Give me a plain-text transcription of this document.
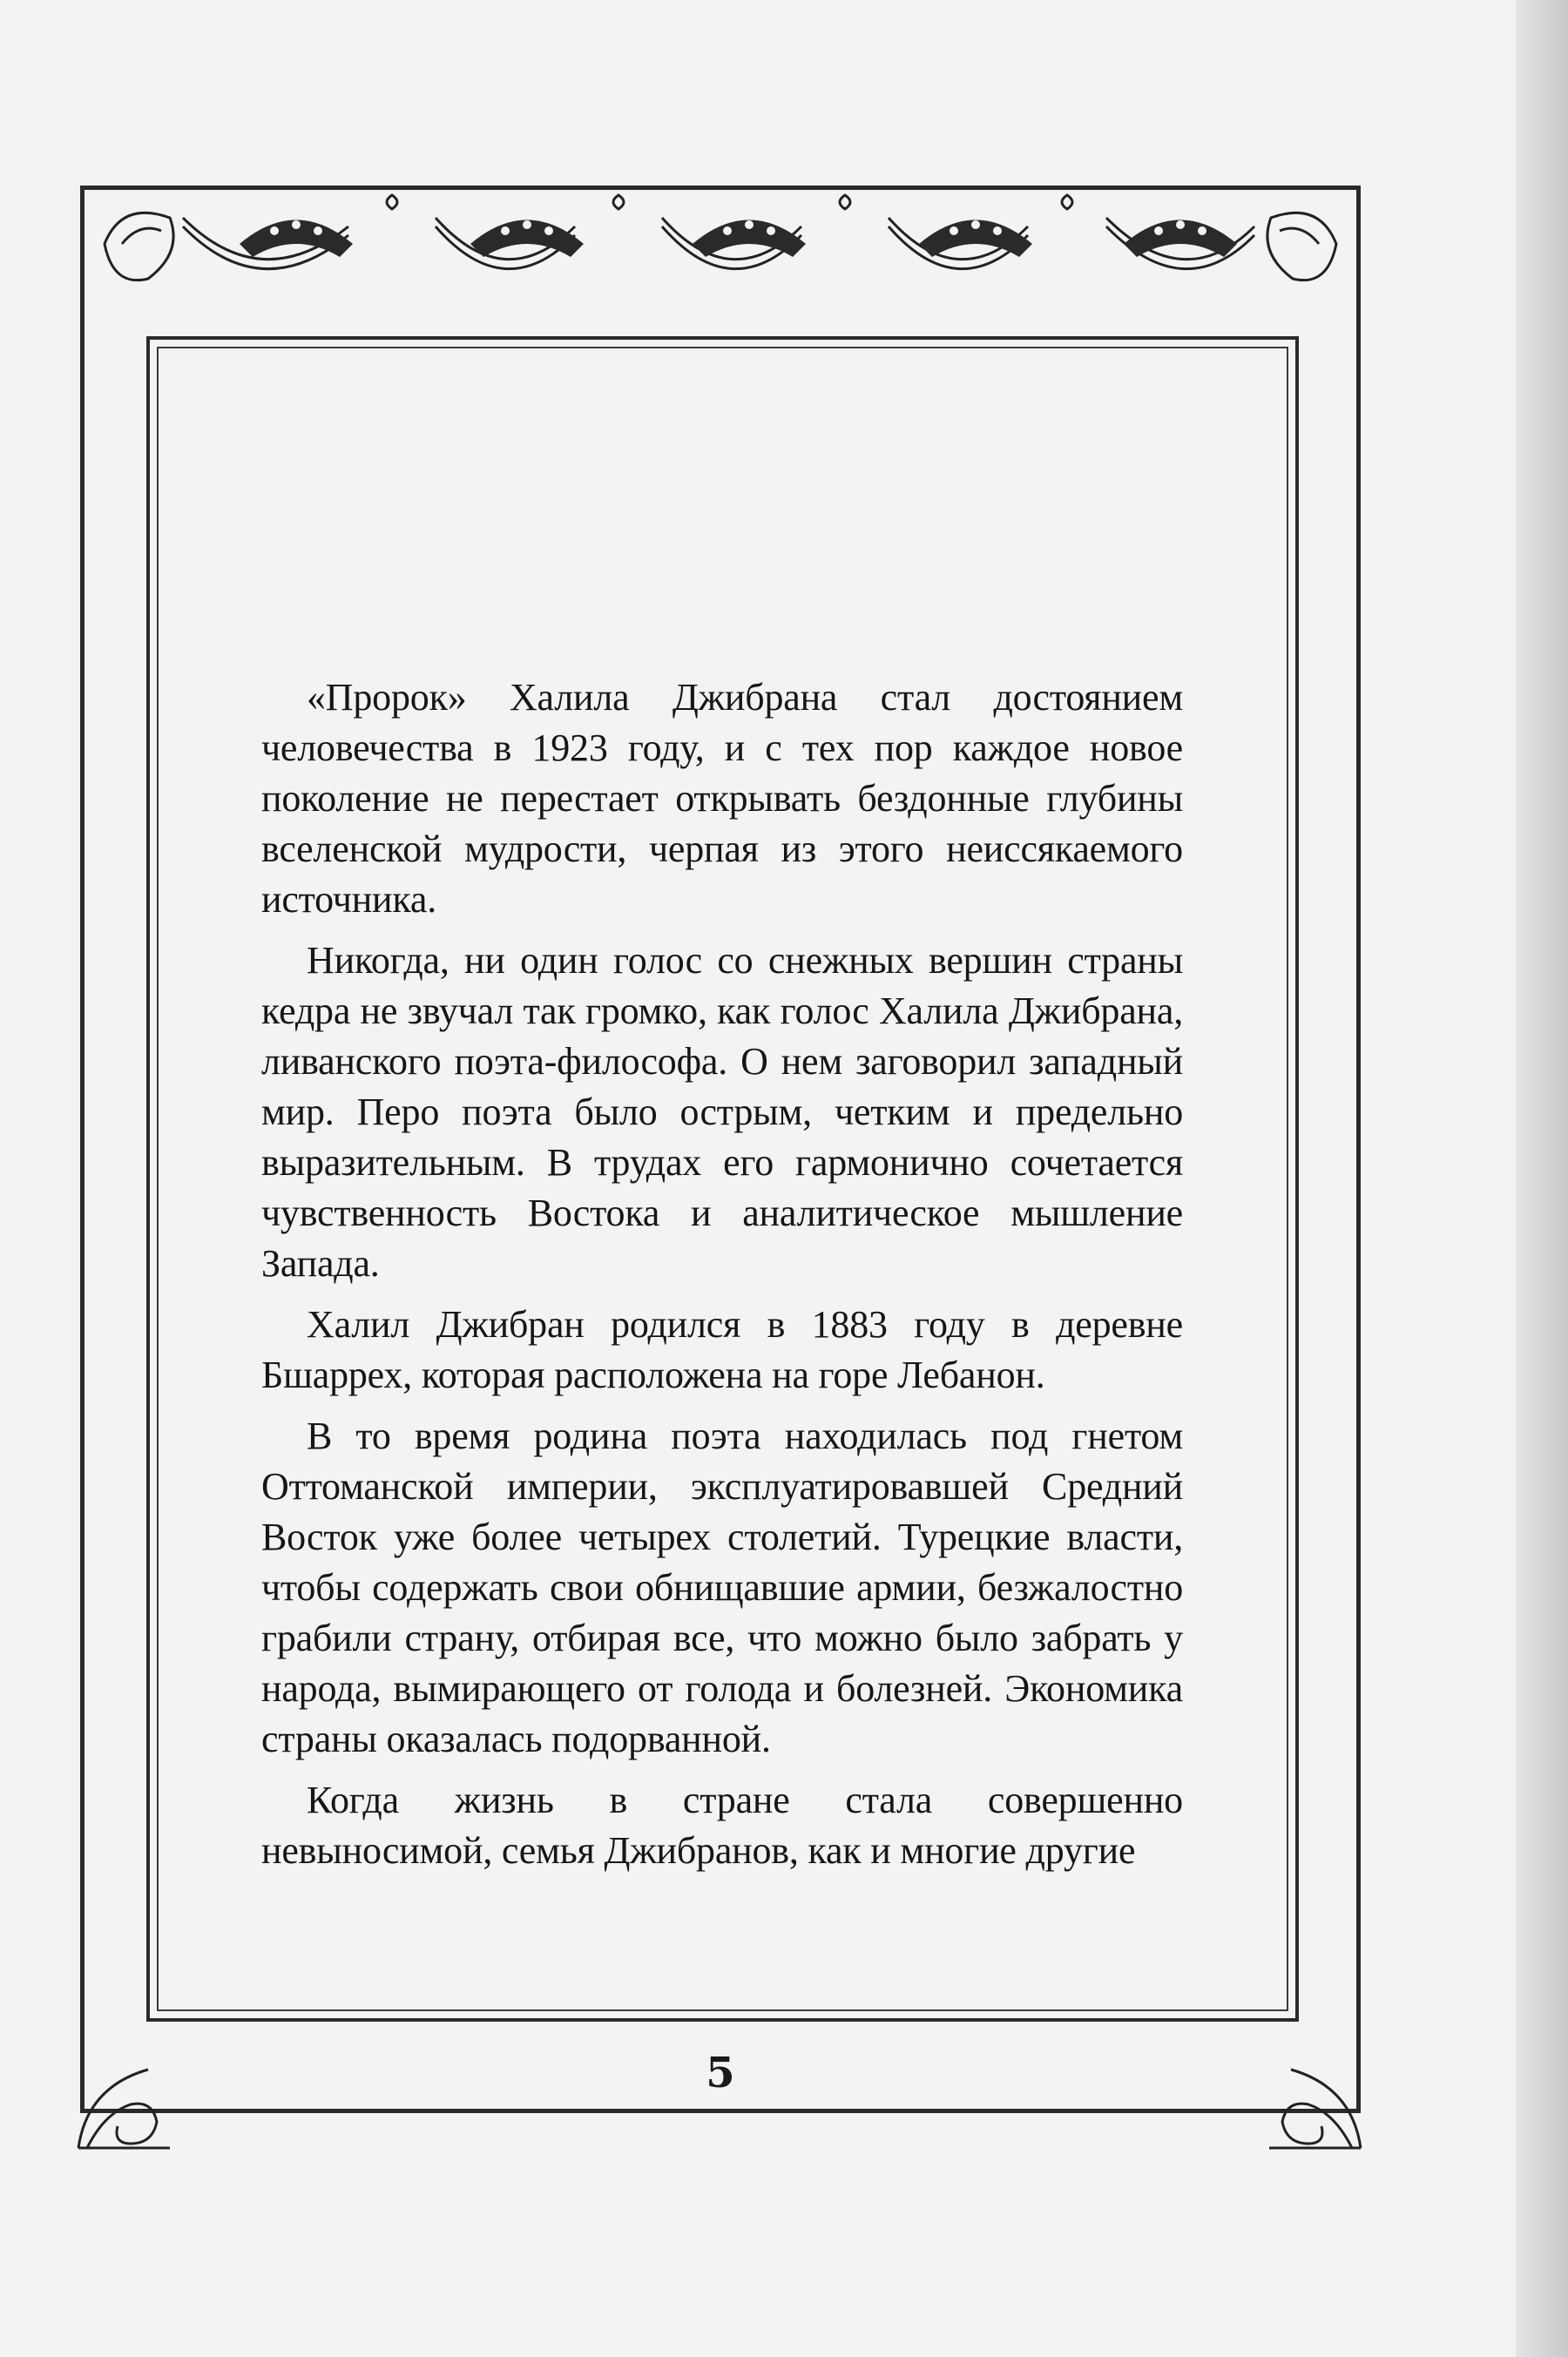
«Пророк» Халила Джибрана стал достоянием человечества в 1923 году, и с тех пор каждое новое поколение не перестает открывать бездонные глубины вселенской мудрости, черпая из этого неиссякаемого источника.

Никогда, ни один голос со снежных вершин страны кедра не звучал так громко, как голос Халила Джибрана, ливанского поэта-философа. О нем заговорил западный мир. Перо поэта было острым, четким и предельно выразительным. В трудах его гармонично сочетается чувственность Востока и аналитическое мышление Запада.

Халил Джибран родился в 1883 году в деревне Бшаррех, которая расположена на горе Лебанон.

В то время родина поэта находилась под гнетом Оттоманской империи, эксплуатировавшей Средний Восток уже более четырех столетий. Турецкие власти, чтобы содержать свои обнищавшие армии, безжалостно грабили страну, отбирая все, что можно было забрать у народа, вымирающего от голода и болезней. Экономика страны оказалась подорванной.

Когда жизнь в стране стала совершенно невыносимой, семья Джибранов, как и многие другие

5
